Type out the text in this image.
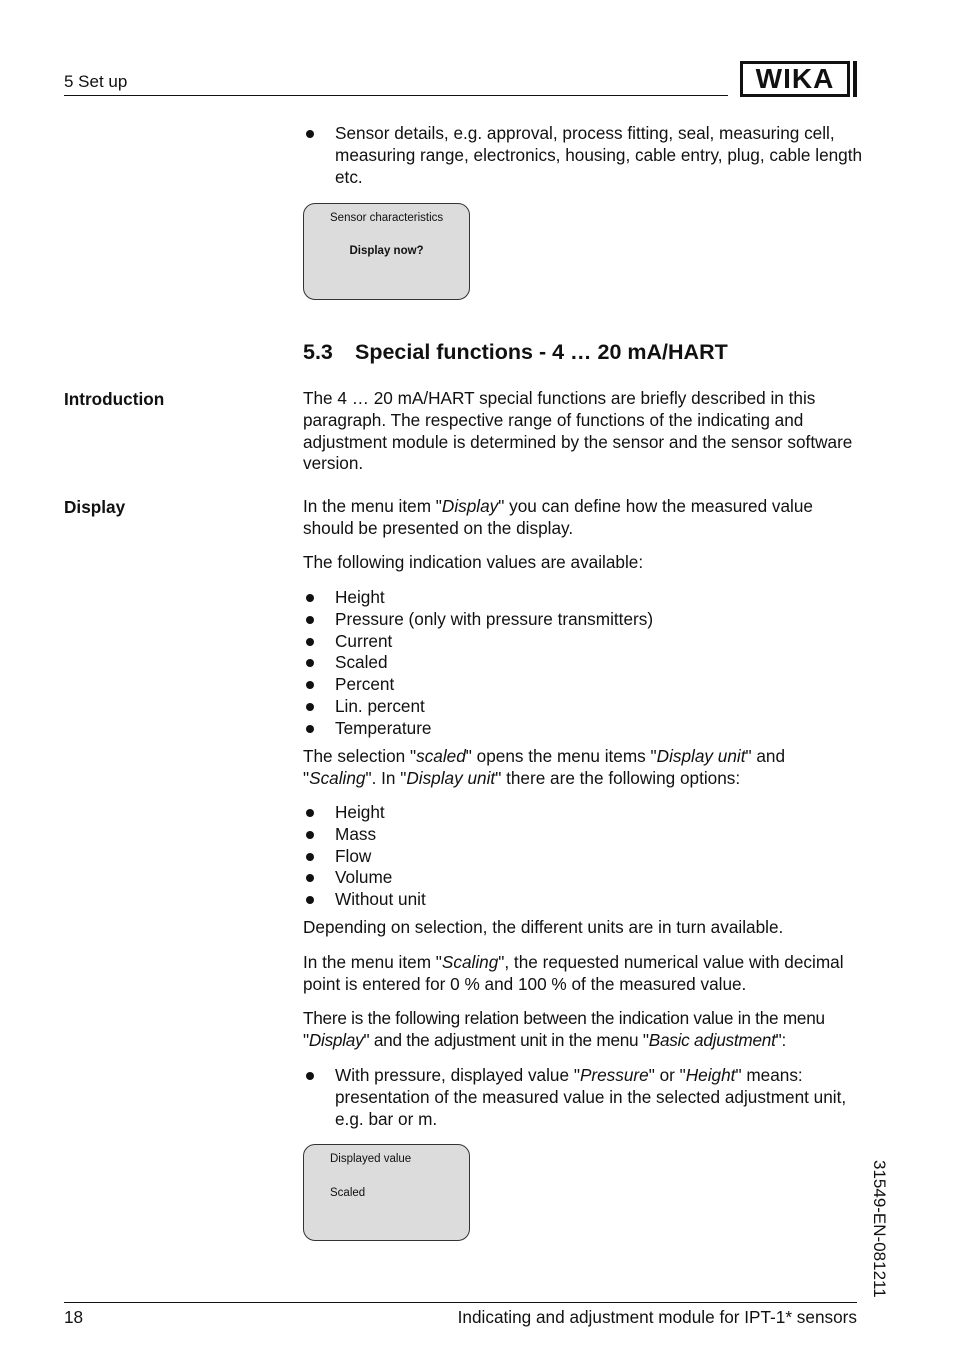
5 Set up	WIKA
Sensor details, e.g. approval, process fitting, seal, measuring cell, measuring range, electronics, housing, cable entry, plug, cable length etc.
Sensor characteristics
Display now?
5.3 Special functions - 4 … 20 mA/HART
Introduction	The 4 … 20 mA/HART special functions are briefly described in this paragraph. The respective range of functions of the indicating and adjustment module is determined by the sensor and the sensor software version.

Display	In the menu item "Display" you can define how the measured value should be presented on the display.

The following indication values are available:

Height
Pressure (only with pressure transmitters)
Current
Scaled
Percent
Lin. percent
Temperature

The selection "scaled" opens the menu items "Display unit" and "Scaling". In "Display unit" there are the following options:

Height
Mass
Flow
Volume
Without unit

Depending on selection, the different units are in turn available.

In the menu item "Scaling", the requested numerical value with decimal point is entered for 0 % and 100 % of the measured value.

There is the following relation between the indication value in the menu "Display" and the adjustment unit in the menu "Basic adjustment":

With pressure, displayed value "Pressure" or "Height" means: presentation of the measured value in the selected adjustment unit, e.g. bar or m.
Displayed value
Scaled	31549-EN-081211
18	Indicating and adjustment module for IPT-1* sensors
